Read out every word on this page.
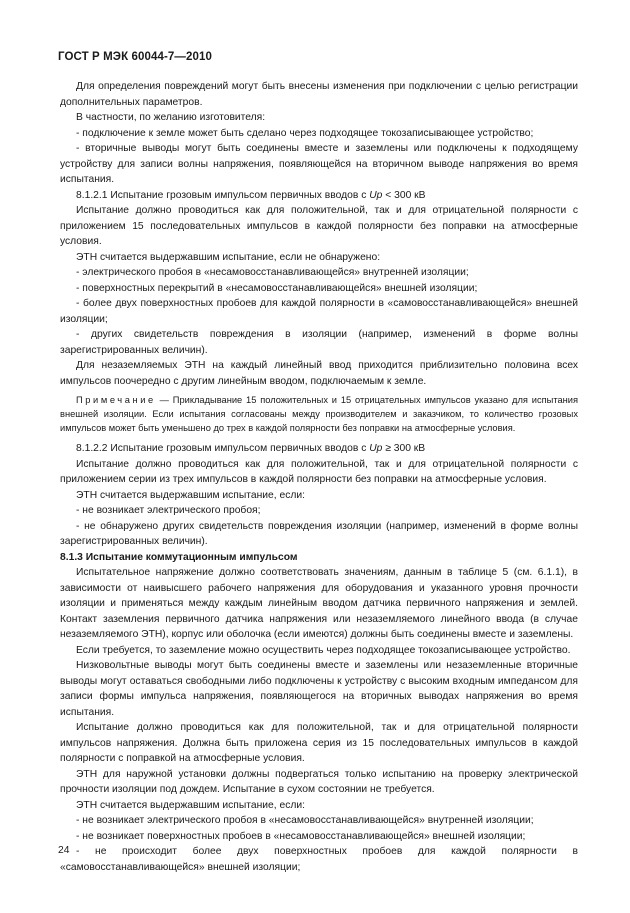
ГОСТ Р МЭК 60044-7—2010

Для определения повреждений могут быть внесены изменения при подключении с целью регистрации дополнительных параметров.

В частности, по желанию изготовителя:

- подключение к земле может быть сделано через подходящее токозаписывающее устройство;

- вторичные выводы могут быть соединены вместе и заземлены или подключены к подходящему устройству для записи волны напряжения, появляющейся на вторичном выводе напряжения во время испытания.

8.1.2.1 Испытание грозовым импульсом первичных вводов с Up < 300 кВ

Испытание должно проводиться как для положительной, так и для отрицательной полярности с приложением 15 последовательных импульсов в каждой полярности без поправки на атмосферные условия.

ЭТН считается выдержавшим испытание, если не обнаружено:

- электрического пробоя в «несамовосстанавливающейся» внутренней изоляции;

- поверхностных перекрытий в «несамовосстанавливающейся» внешней изоляции;

- более двух поверхностных пробоев для каждой полярности в «самовосстанавливающейся» внешней изоляции;

- других свидетельств повреждения в изоляции (например, изменений в форме волны зарегистрированных величин).

Для незаземляемых ЭТН на каждый линейный ввод приходится приблизительно половина всех импульсов поочередно с другим линейным вводом, подключаемым к земле.

Примечание — Прикладывание 15 положительных и 15 отрицательных импульсов указано для испытания внешней изоляции. Если испытания согласованы между производителем и заказчиком, то количество грозовых импульсов может быть уменьшено до трех в каждой полярности без поправки на атмосферные условия.

8.1.2.2 Испытание грозовым импульсом первичных вводов с Up ≥ 300 кВ

Испытание должно проводиться как для положительной, так и для отрицательной полярности с приложением серии из трех импульсов в каждой полярности без поправки на атмосферные условия.

ЭТН считается выдержавшим испытание, если:

- не возникает электрического пробоя;

- не обнаружено других свидетельств повреждения изоляции (например, изменений в форме волны зарегистрированных величин).

8.1.3 Испытание коммутационным импульсом

Испытательное напряжение должно соответствовать значениям, данным в таблице 5 (см. 6.1.1), в зависимости от наивысшего рабочего напряжения для оборудования и указанного уровня прочности изоляции и применяться между каждым линейным вводом датчика первичного напряжения и землей. Контакт заземления первичного датчика напряжения или незаземляемого линейного ввода (в случае незаземляемого ЭТН), корпус или оболочка (если имеются) должны быть соединены вместе и заземлены.

Если требуется, то заземление можно осуществить через подходящее токозаписывающее устройство.

Низковольтные выводы могут быть соединены вместе и заземлены или незаземленные вторичные выводы могут оставаться свободными либо подключены к устройству с высоким входным импедансом для записи формы импульса напряжения, появляющегося на вторичных выводах напряжения во время испытания.

Испытание должно проводиться как для положительной, так и для отрицательной полярности импульсов напряжения. Должна быть приложена серия из 15 последовательных импульсов в каждой полярности с поправкой на атмосферные условия.

ЭТН для наружной установки должны подвергаться только испытанию на проверку электрической прочности изоляции под дождем. Испытание в сухом состоянии не требуется.

ЭТН считается выдержавшим испытание, если:

- не возникает электрического пробоя в «несамовосстанавливающейся» внутренней изоляции;

- не возникает поверхностных пробоев в «несамовосстанавливающейся» внешней изоляции;

- не происходит более двух поверхностных пробоев для каждой полярности в «самовосстанавливающейся» внешней изоляции;

24
